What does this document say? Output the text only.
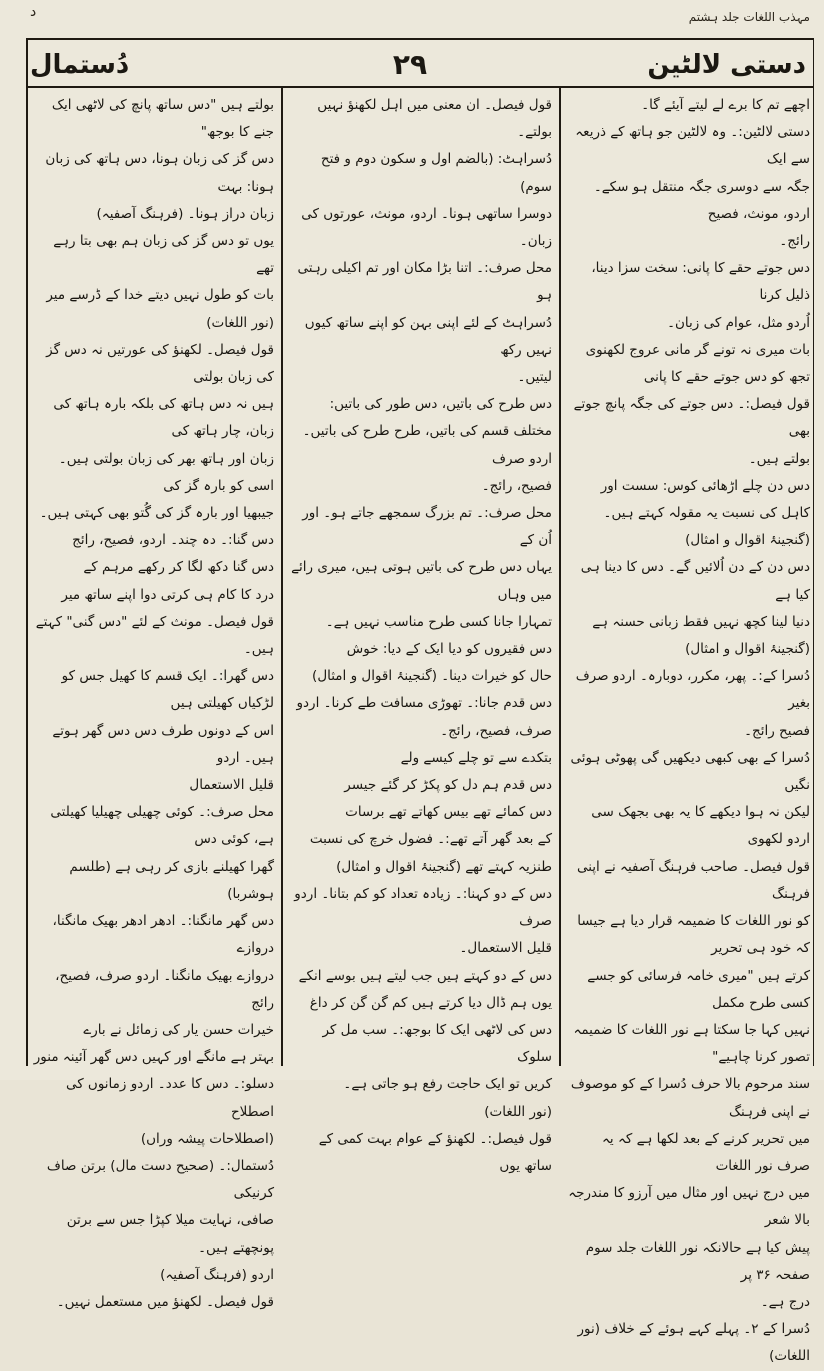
مہذب اللغات جلد ہشتم
د
دستی لالٹین
۲۹
دُستمال

اچھے تم کا برے لے لیتے آیئے گا۔
دستی لالٹین:۔ وہ لالٹین جو ہاتھ کے ذریعہ سے ایک
جگہ سے دوسری جگہ منتقل ہو سکے۔ اردو، مونث، فصیح
رائج۔
دس جوتے حقے کا پانی: سخت سزا دینا، ذلیل کرنا
اُردو مثل، عوام کی زبان۔
بات میری نہ تونے گر مانی عروج لکھنوی
تجھ کو دس جوتے حقے کا پانی
قول فیصل:۔ دس جوتے کی جگہ پانچ جوتے بھی
بولتے ہیں۔
دس دن چلے اڑھائی کوس: سست اور
کاہل کی نسبت یہ مقولہ کہتے ہیں۔ (گنجینۂ اقوال و امثال)
دس دن کے دن اُلائیں گے۔ دس کا دینا ہی کیا ہے
دنیا لینا کچھ نہیں فقط زبانی حسنہ ہے
(گنجینۂ اقوال و امثال)
دُسرا کے:۔ پھر، مکرر، دوبارہ۔ اردو صرف بغیر
فصیح رائج۔
دُسرا کے بھی کبھی دیکھیں گی پھوٹی ہوئی نگیں
لیکن نہ ہوا دیکھے کا یہ بھی بجھک سی اردو لکھوی
قول فیصل۔ صاحب فرہنگ آصفیہ نے اپنی فرہنگ
کو نور اللغات کا ضمیمہ قرار دیا ہے جیسا کہ خود ہی تحریر
کرتے ہیں "میری خامہ فرسائی کو جسے کسی طرح مکمل
نہیں کہا جا سکتا ہے نور اللغات کا ضمیمہ تصور کرنا چاہیے"
سند مرحوم بالا حرف دُسرا کے کو موصوف نے اپنی فرہنگ
میں تحریر کرنے کے بعد لکھا ہے کہ یہ صرف نور اللغات
میں درج نہیں اور مثال میں آرزو کا مندرجہ بالا شعر
پیش کیا ہے حالانکہ نور اللغات جلد سوم صفحہ ۳۶ پر
درج ہے۔
دُسرا کے ۲۔ پہلے کہے ہوئے کے خلاف (نور اللغات)

قول فیصل۔ ان معنی میں اہل لکھنؤ نہیں بولتے۔
دُسراہٹ: (بالضم اول و سکون دوم و فتح سوم)
دوسرا ساتھی ہونا۔ اردو، مونث، عورتوں کی زبان۔
محل صرف:۔ اتنا بڑا مکان اور تم اکیلی رہتی ہو
دُسراہٹ کے لئے اپنی بہن کو اپنے ساتھ کیوں نہیں رکھ
لیتیں۔
دس طرح کی باتیں، دس طور کی باتیں:
مختلف قسم کی باتیں، طرح طرح کی باتیں۔ اردو صرف
فصیح، رائج۔
محل صرف:۔ تم بزرگ سمجھے جاتے ہو۔ اور اُن کے
یہاں دس طرح کی باتیں ہوتی ہیں، میری رائے میں وہاں
تمہارا جانا کسی طرح مناسب نہیں ہے۔
دس فقیروں کو دیا ایک کے دیا: خوش
حال کو خیرات دینا۔ (گنجینۂ اقوال و امثال)
دس قدم جانا:۔ تھوڑی مسافت طے کرنا۔ اردو
صرف، فصیح، رائج۔
بتکدے سے تو چلے کیسے ولے
دس قدم ہم دل کو پکڑ کر گئے جیسر
دس کمائے تھے بیس کھاتے تھے برسات
کے بعد گھر آتے تھے:۔ فضول خرچ کی نسبت
طنزیہ کہتے تھے (گنجینۂ اقوال و امثال)
دس کے دو کہنا:۔ زیادہ تعداد کو کم بتانا۔ اردو صرف
قلیل الاستعمال۔
دس کے دو کہتے ہیں جب لیتے ہیں بوسے انکے
یوں ہم ڈال دیا کرتے ہیں کم گن گن کر داغ
دس کی لاٹھی ایک کا بوجھ:۔ سب مل کر سلوک
کریں تو ایک حاجت رفع ہو جاتی ہے۔
(نور اللغات)
قول فیصل:۔ لکھنؤ کے عوام بہت کمی کے ساتھ یوں

بولتے ہیں "دس ساتھ پانچ کی لاٹھی ایک جنے کا بوجھ"
دس گز کی زبان ہونا، دس ہاتھ کی زبان ہونا: بہت
زبان دراز ہونا۔ (فرہنگ آصفیہ)
یوں تو دس گز کی زبان ہم بھی بتا رہے تھے
بات کو طول نہیں دیتے خدا کے ڈرسے میر
(نور اللغات)
قول فیصل۔ لکھنؤ کی عورتیں نہ دس گز کی زبان بولتی
ہیں نہ دس ہاتھ کی بلکہ بارہ ہاتھ کی زبان، چار ہاتھ کی
زبان اور ہاتھ بھر کی زبان بولتی ہیں۔ اسی کو بارہ گز کی
جیبھیا اور بارہ گز کی گُتو بھی کہتی ہیں۔
دس گنا:۔ دہ چند۔ اردو، فصیح، رائج
دس گنا دکھ لگا کر رکھے مرہم کے
درد کا کام ہی کرتی دوا اپنے ساتھ میر
قول فیصل۔ مونث کے لئے "دس گنی" کہتے ہیں۔
دس گھرا:۔ ایک قسم کا کھیل جس کو لڑکیاں کھیلتی ہیں
اس کے دونوں طرف دس دس گھر ہوتے ہیں۔ اردو
قلیل الاستعمال
محل صرف:۔ کوئی چھیلی چھیلیا کھیلتی ہے، کوئی دس
گھرا کھیلنے بازی کر رہی ہے (طلسم ہوشربا)
دس گھر مانگنا:۔ ادھر ادھر بھیک مانگنا، دروازے
دروازے بھیک مانگنا۔ اردو صرف، فصیح، رائج
خیرات حسن یار کی زمائل نے بارے
بہتر ہے مانگے اور کہیں دس گھر آئینہ منور
دسلو:۔ دس کا عدد۔ اردو زمانوں کی اصطلاح
(اصطلاحات پیشہ وراں)
دُستمال:۔ (صحیح دست مال) برتن صاف کرنیکی
صافی، نہایت میلا کپڑا جس سے برتن پونچھتے ہیں۔
اردو (فرہنگ آصفیہ)
قول فیصل۔ لکھنؤ میں مستعمل نہیں۔
